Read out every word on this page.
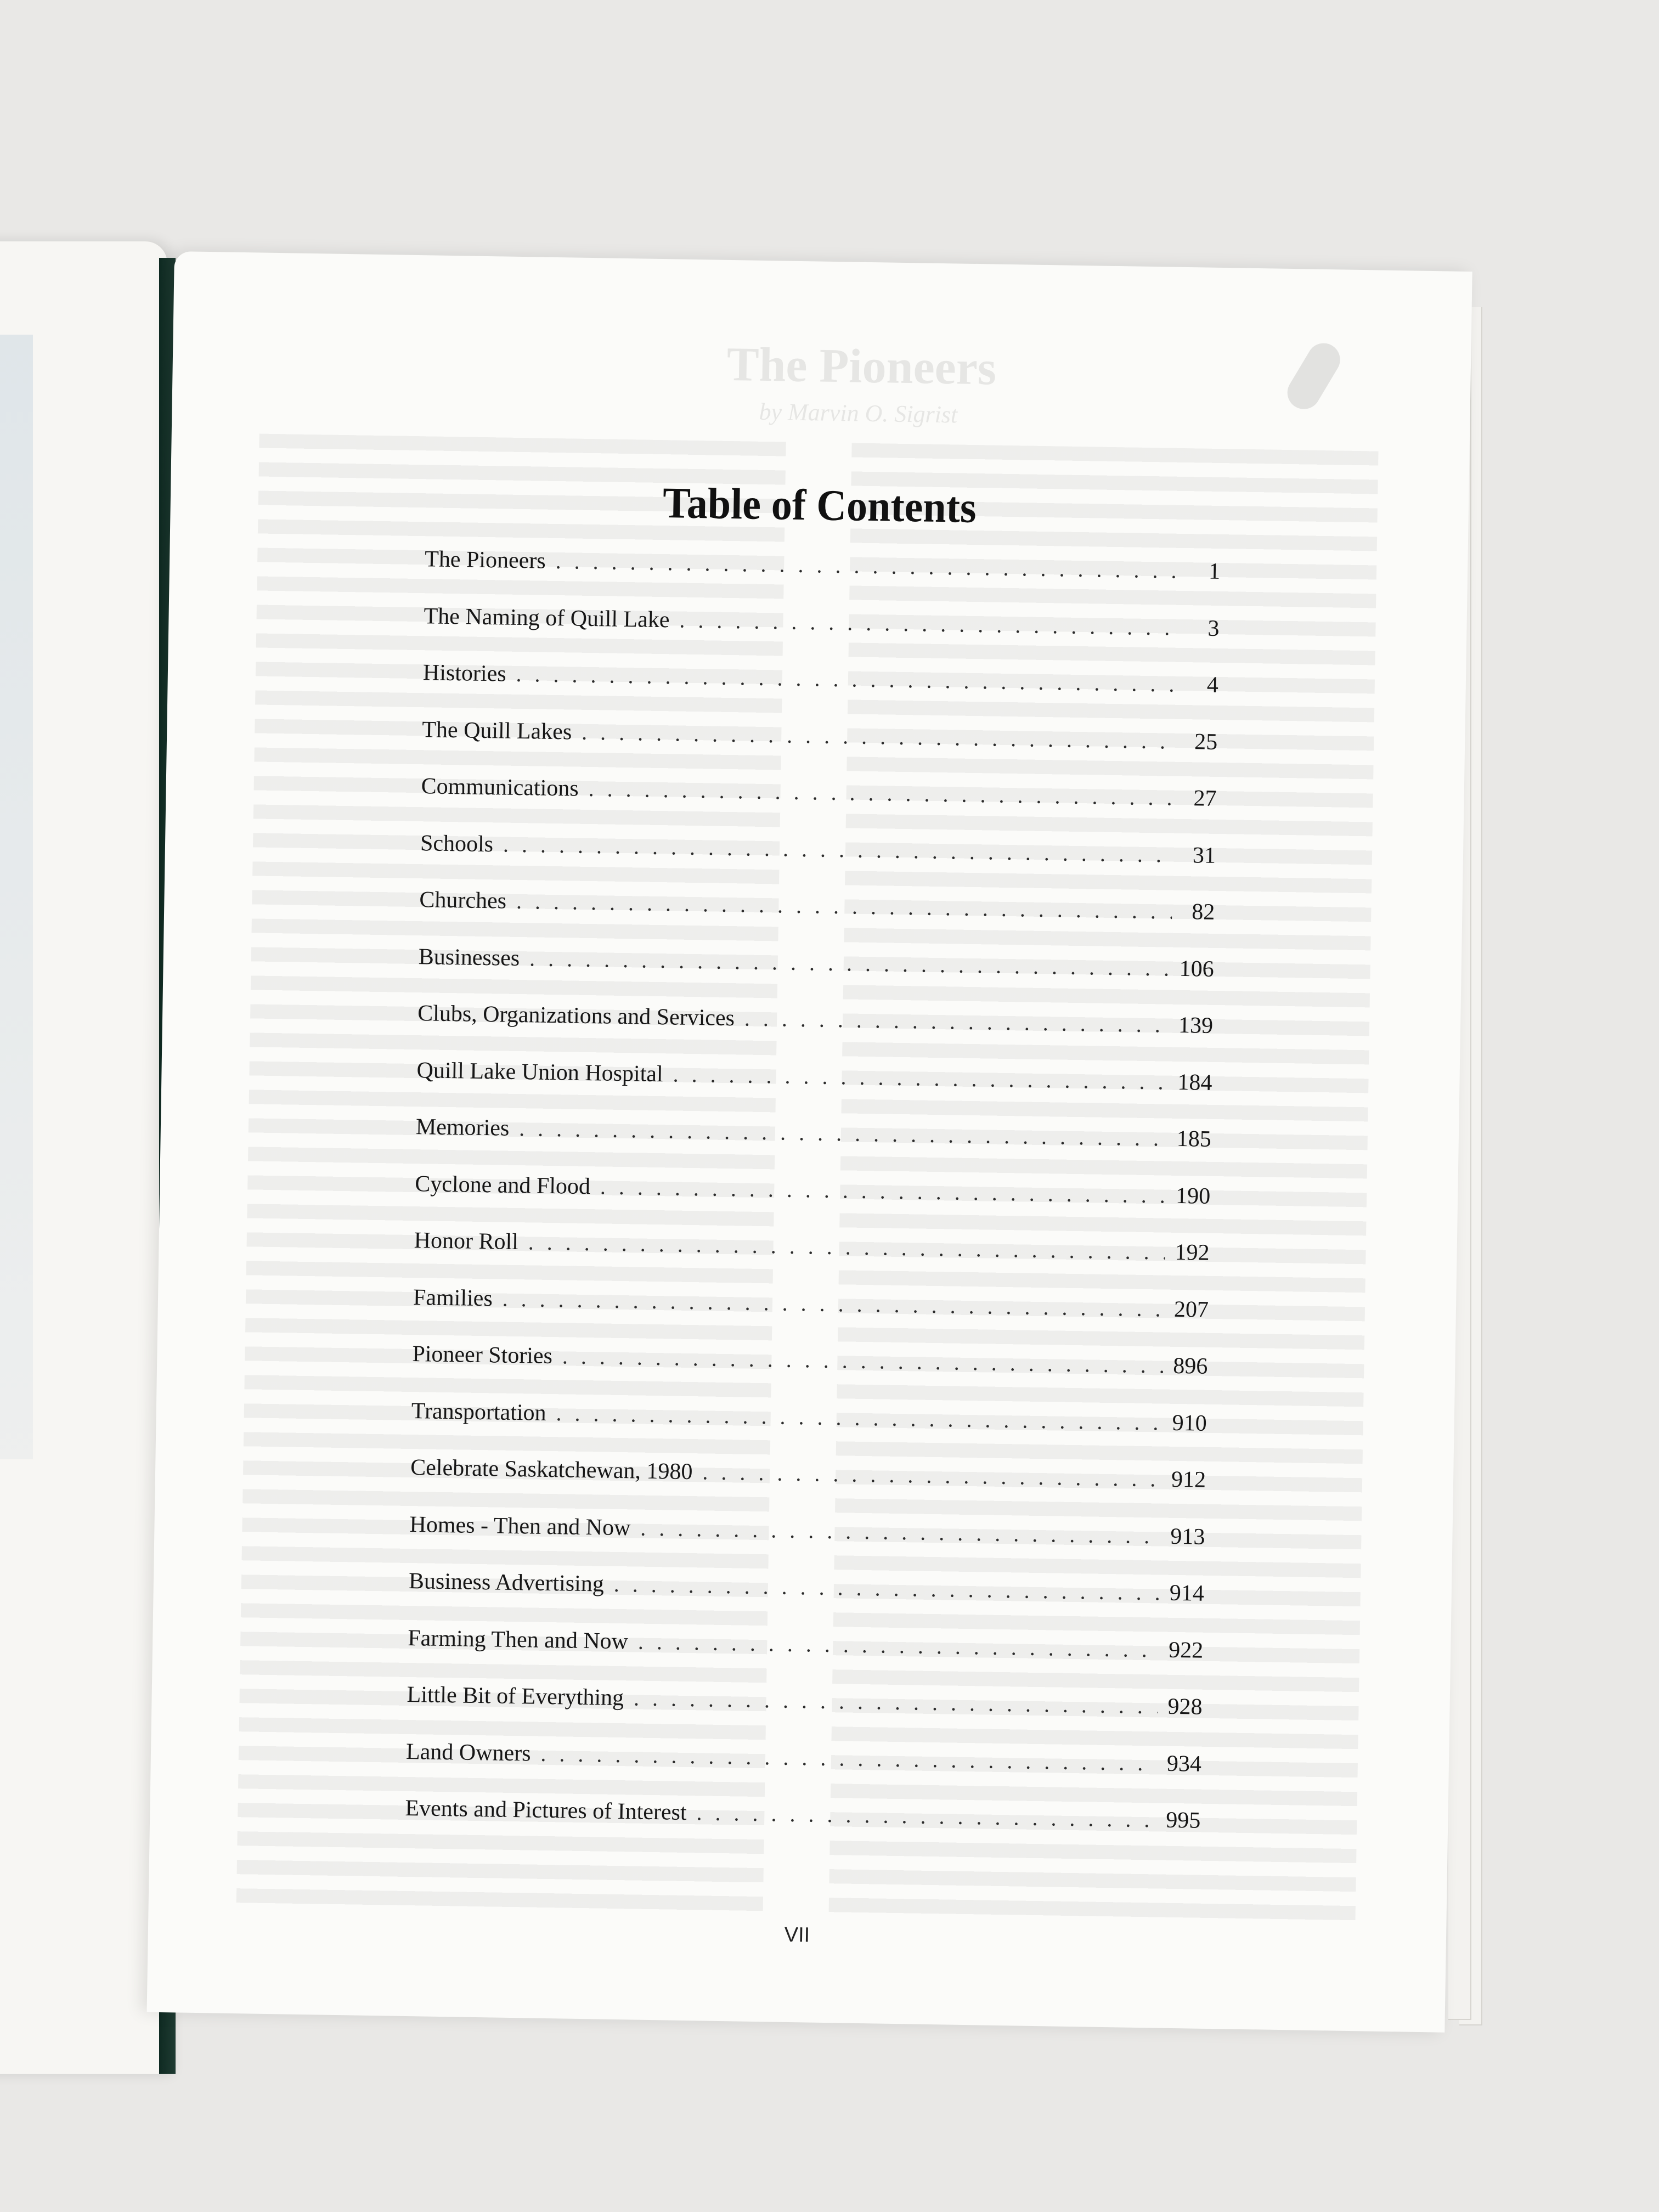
The Pioneers
by Marvin O. Sigrist
Table of Contents
The Pioneers . . .	1
The Naming of Quill Lake . . .	3
Histories . . .	4
The Quill Lakes . . .	25
Communications . . .	27
Schools . . .	31
Churches . . .	82
Businesses . . .	106
Clubs, Organizations and Services . . .	139
Quill Lake Union Hospital . . .	184
Memories . . .	185
Cyclone and Flood . . .	190
Honor Roll . . .	192
Families . . .	207
Pioneer Stories . . .	896
Transportation . . .	910
Celebrate Saskatchewan, 1980 . . .	912
Homes - Then and Now . . .	913
Business Advertising . . .	914
Farming Then and Now . . .	922
Little Bit of Everything . . .	928
Land Owners . . .	934
Events and Pictures of Interest . . .	995
VII
